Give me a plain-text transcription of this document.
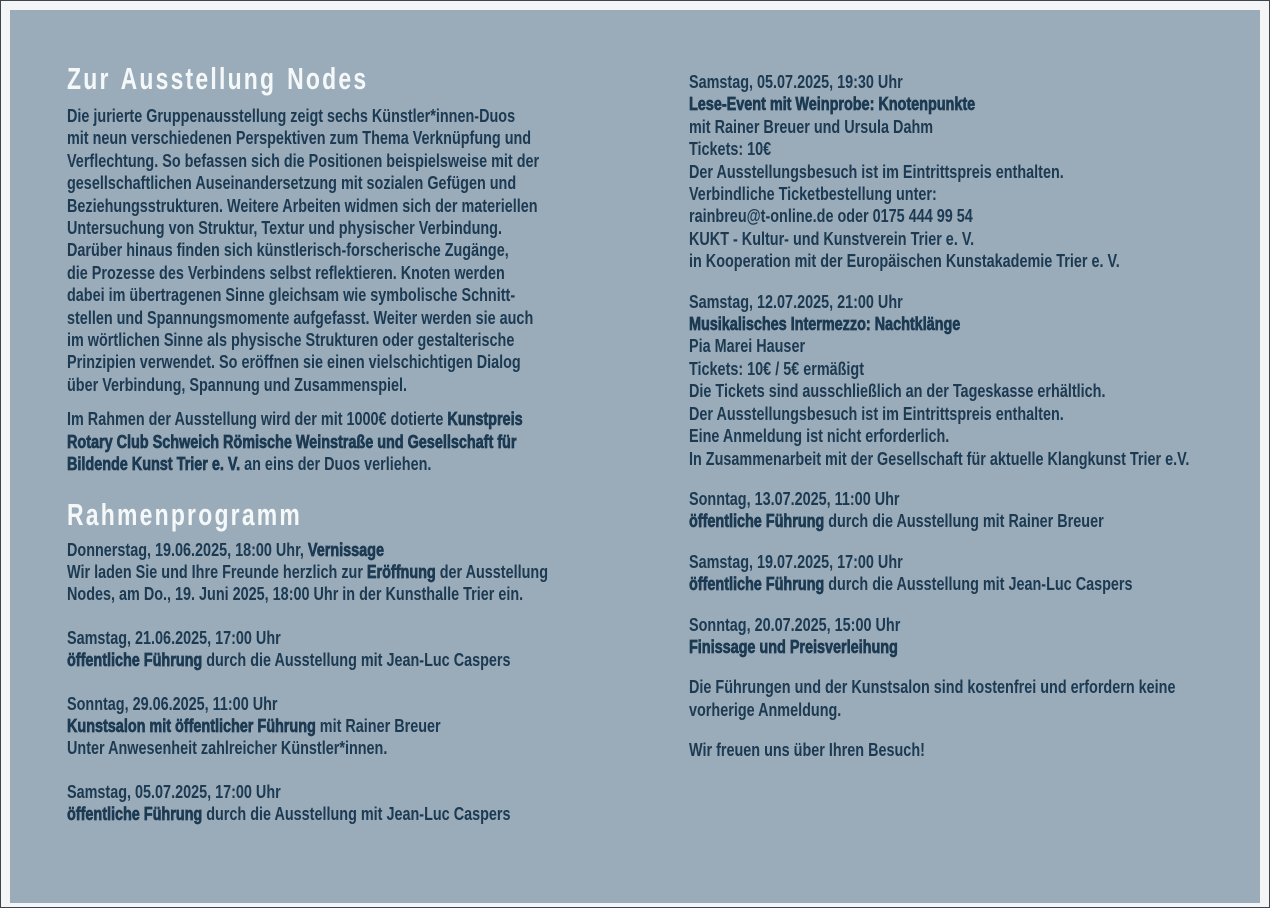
Zur Ausstellung Nodes
Die jurierte Gruppenausstellung zeigt sechs Künstler*innen-Duos
mit neun verschiedenen Perspektiven zum Thema Verknüpfung und
Verflechtung. So befassen sich die Positionen beispielsweise mit der
gesellschaftlichen Auseinandersetzung mit sozialen Gefügen und
Beziehungsstrukturen. Weitere Arbeiten widmen sich der materiellen
Untersuchung von Struktur, Textur und physischer Verbindung.
Darüber hinaus finden sich künstlerisch-forscherische Zugänge,
die Prozesse des Verbindens selbst reflektieren. Knoten werden
dabei im übertragenen Sinne gleichsam wie symbolische Schnitt-
stellen und Spannungsmomente aufgefasst. Weiter werden sie auch
im wörtlichen Sinne als physische Strukturen oder gestalterische
Prinzipien verwendet. So eröffnen sie einen vielschichtigen Dialog
über Verbindung, Spannung und Zusammenspiel.
Im Rahmen der Ausstellung wird der mit 1000€ dotierte Kunstpreis
Rotary Club Schweich Römische Weinstraße und Gesellschaft für
Bildende Kunst Trier e. V. an eins der Duos verliehen.
Rahmenprogramm
Donnerstag, 19.06.2025, 18:00 Uhr, Vernissage
Wir laden Sie und Ihre Freunde herzlich zur Eröffnung der Ausstellung
Nodes, am Do., 19. Juni 2025, 18:00 Uhr in der Kunsthalle Trier ein.
Samstag, 21.06.2025, 17:00 Uhr
öffentliche Führung durch die Ausstellung mit Jean-Luc Caspers
Sonntag, 29.06.2025, 11:00 Uhr
Kunstsalon mit öffentlicher Führung mit Rainer Breuer
Unter Anwesenheit zahlreicher Künstler*innen.
Samstag, 05.07.2025, 17:00 Uhr
öffentliche Führung durch die Ausstellung mit Jean-Luc Caspers
Samstag, 05.07.2025, 19:30 Uhr
Lese-Event mit Weinprobe: Knotenpunkte
mit Rainer Breuer und Ursula Dahm
Tickets: 10€
Der Ausstellungsbesuch ist im Eintrittspreis enthalten.
Verbindliche Ticketbestellung unter:
rainbreu@t-online.de oder 0175 444 99 54
KUKT - Kultur- und Kunstverein Trier e. V.
in Kooperation mit der Europäischen Kunstakademie Trier e. V.
Samstag, 12.07.2025, 21:00 Uhr
Musikalisches Intermezzo: Nachtklänge
Pia Marei Hauser
Tickets: 10€ / 5€ ermäßigt
Die Tickets sind ausschließlich an der Tageskasse erhältlich.
Der Ausstellungsbesuch ist im Eintrittspreis enthalten.
Eine Anmeldung ist nicht erforderlich.
In Zusammenarbeit mit der Gesellschaft für aktuelle Klangkunst Trier e.V.
Sonntag, 13.07.2025, 11:00 Uhr
öffentliche Führung durch die Ausstellung mit Rainer Breuer
Samstag, 19.07.2025, 17:00 Uhr
öffentliche Führung durch die Ausstellung mit Jean-Luc Caspers
Sonntag, 20.07.2025, 15:00 Uhr
Finissage und Preisverleihung
Die Führungen und der Kunstsalon sind kostenfrei und erfordern keine
vorherige Anmeldung.
Wir freuen uns über Ihren Besuch!
